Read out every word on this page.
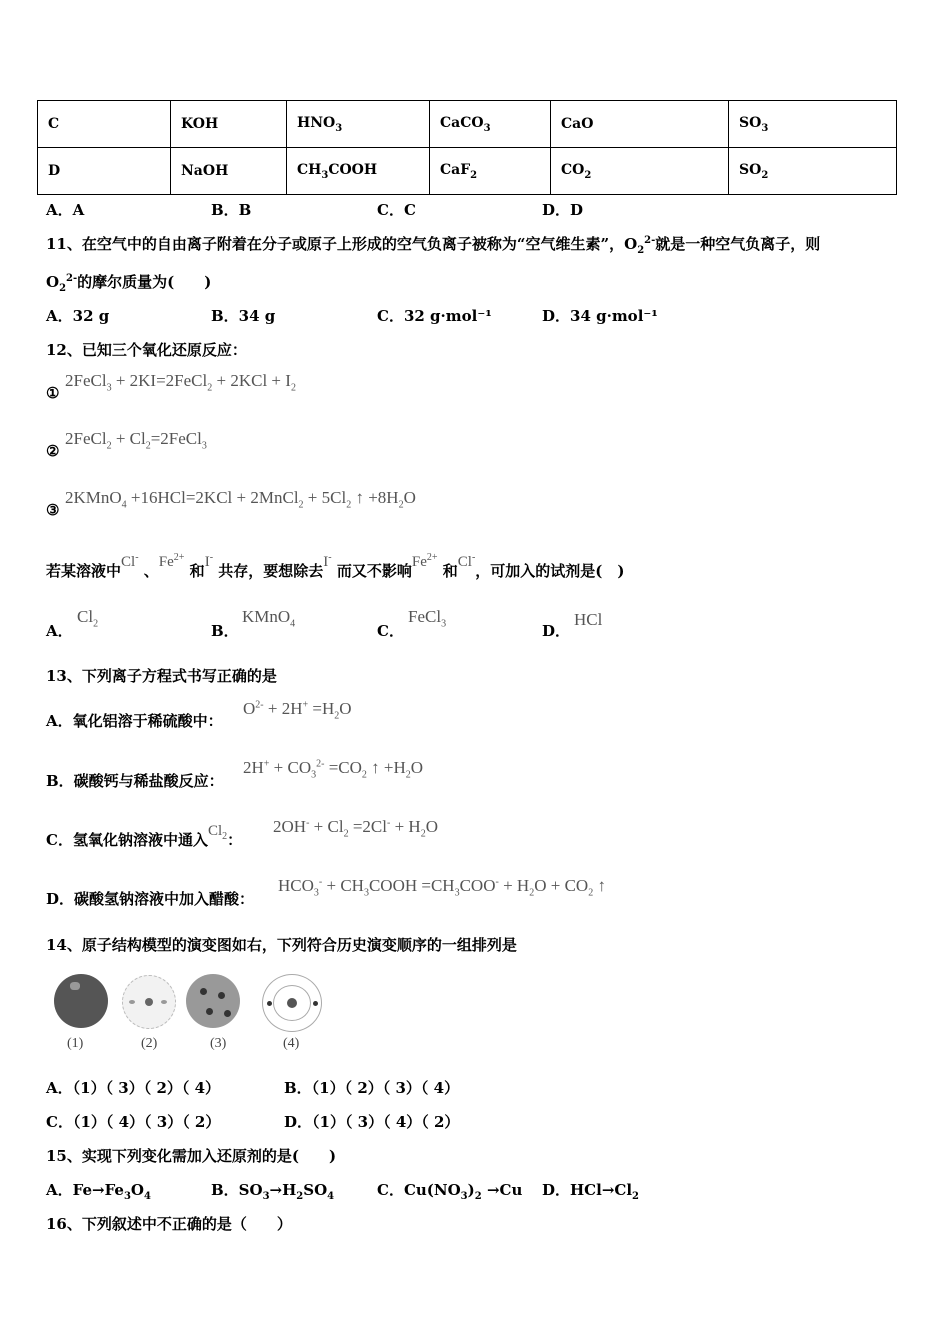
C	KOH	$HNO_3$	CaCO$_3$	CaO	$SO_3$
D	NaOH	$CH_3COOH$	CaF$_2$	$CO_2$	$SO_2$
A．A	B．B	C．C	D．D
11、在空气中的自由离子附着在分子或原子上形成的空气负离子被称为“空气维生素”，$O_2^{2-}$就是一种空气负离子，则
$O_2^{2-}$的摩尔质量为(　　)
A．32 g	B．34 g	C．32 g·mol⁻¹	D．34 g·mol⁻¹
12、已知三个氧化还原反应：
①
2FeCl$_3$ + 2KI=2FeCl$_2$ + $2KCl + I_2$
②
2FeCl$_2$ + $Cl_2=2FeCl_3$
③
2KMnO$_4$ +16HCl=2KCl + 2MnCl$_2$ + $5Cl_2$ ↑ $+8H_2O$
若某溶液中Cl- 、$Fe^{2+}$ 和I- 共存，要想除去I- 而又不影响$Fe^{2+}$ 和Cl-，可加入的试剂是(　)
A．
$Cl_2$	B．
KMnO$_4$	C．
FeCl$_3$	D．
HCl
13、下列离子方程式书写正确的是
A．氧化铝溶于稀硫酸中：
$O^{2-} + 2H^+ =H_2O$
B．碳酸钙与稀盐酸反应：
$2H^+ + CO_3^{2-} =CO_2$ ↑ $+H_2O$
C．氢氧化钠溶液中通入$Cl_2$：
$2OH^- + Cl_2 =2Cl^- + H_2O$
D．碳酸氢钠溶液中加入醋酸：
$HCO_3^-$ + $CH_3COOH =CH_3COO^- + H_2O + CO_2$ ↑
14、原子结构模型的演变图如右，下列符合历史演变顺序的一组排列是
(1)	(2)	(3)	(4)
A．（1）（ 3）（ 2）（ 4）	B．（1）（ 2）（ 3）（ 4）
C．（1）（ 4）（ 3）（ 2）	D．（1）（ 3）（ 4）（ 2）
15、实现下列变化需加入还原剂的是(　　)
A．$Fe\to Fe_3O_4$	B．$SO_3\to H_2SO_4$	C．$Cu(NO_3)_2 \to Cu$ D．$HCl\to Cl_2$
16、下列叙述中不正确的是（　　）
